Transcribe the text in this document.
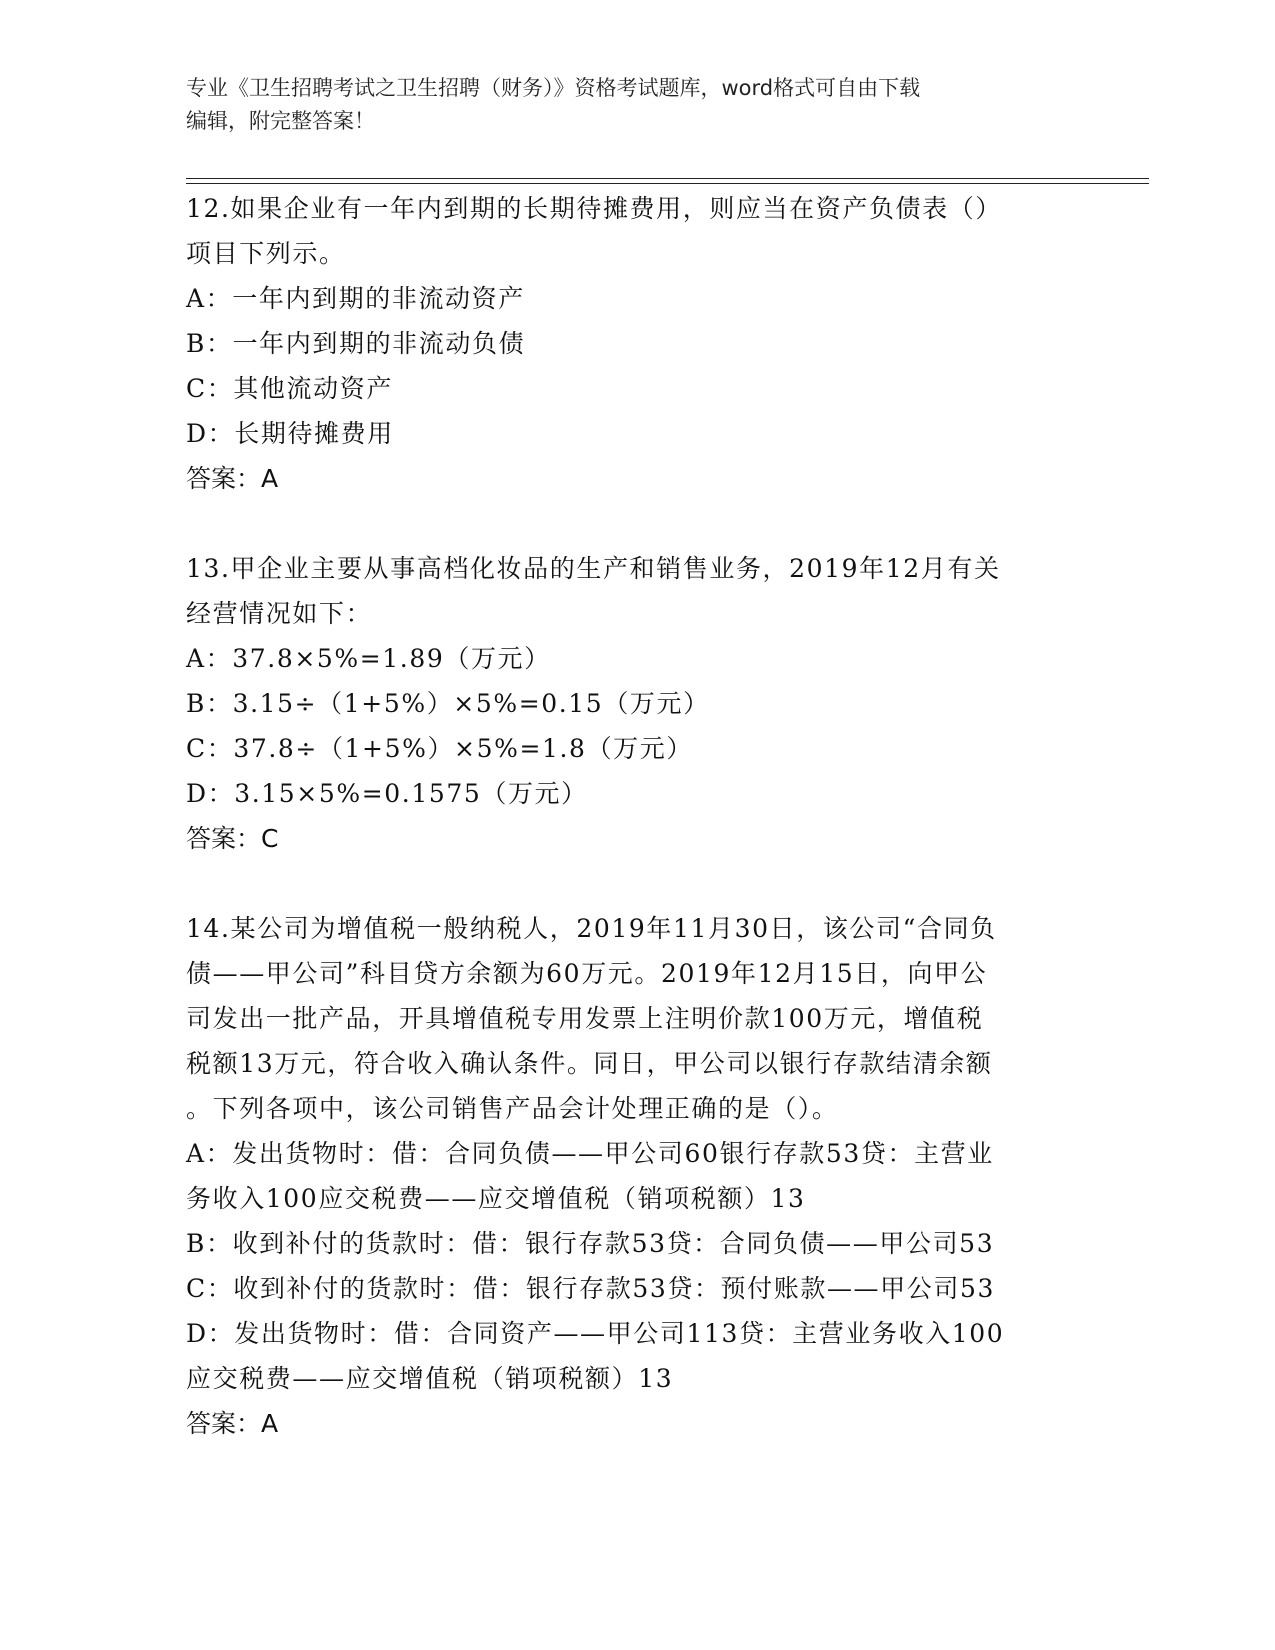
专业《卫生招聘考试之卫生招聘（财务）》资格考试题库，word格式可自由下载
编辑，附完整答案！

12.如果企业有一年内到期的长期待摊费用，则应当在资产负债表（）

项目下列示。

A：一年内到期的非流动资产

B：一年内到期的非流动负债

C：其他流动资产

D：长期待摊费用

答案：A

13.甲企业主要从事高档化妆品的生产和销售业务，2019年12月有关

经营情况如下：

A：37.8×5%=1.89（万元）

B：3.15÷（1+5%）×5%=0.15（万元）

C：37.8÷（1+5%）×5%=1.8（万元）

D：3.15×5%=0.1575（万元）

答案：C

14.某公司为增值税一般纳税人，2019年11月30日，该公司“合同负

债——甲公司”科目贷方余额为60万元。2019年12月15日，向甲公

司发出一批产品，开具增值税专用发票上注明价款100万元，增值税

税额13万元，符合收入确认条件。同日，甲公司以银行存款结清余额

。下列各项中，该公司销售产品会计处理正确的是（）。

A：发出货物时：借：合同负债——甲公司60银行存款53贷：主营业

务收入100应交税费——应交增值税（销项税额）13

B：收到补付的货款时：借：银行存款53贷：合同负债——甲公司53

C：收到补付的货款时：借：银行存款53贷：预付账款——甲公司53

D：发出货物时：借：合同资产——甲公司113贷：主营业务收入100

应交税费——应交增值税（销项税额）13

答案：A
